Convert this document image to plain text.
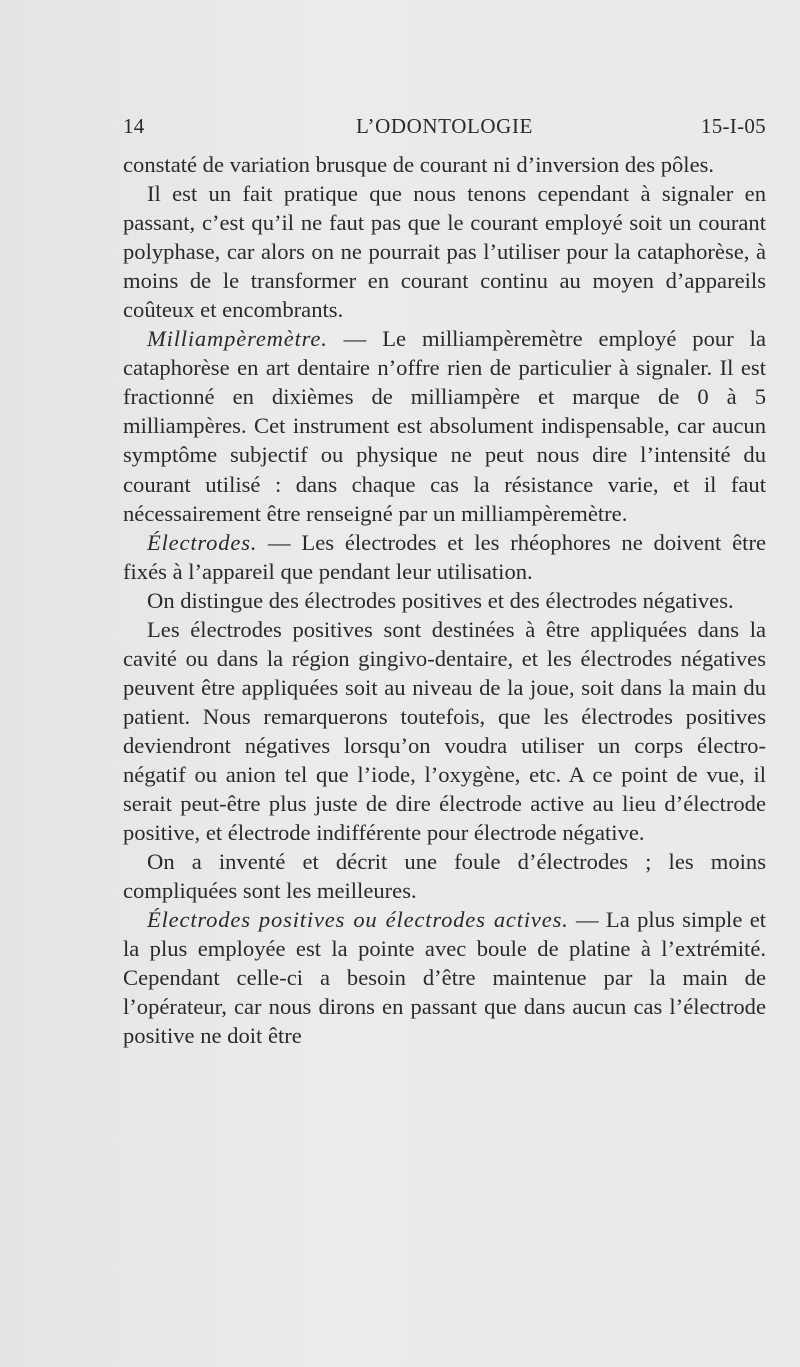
14	L’ODONTOLOGIE	15-I-05

constaté de variation brusque de courant ni d’inversion des pôles.

Il est un fait pratique que nous tenons cependant à signaler en passant, c’est qu’il ne faut pas que le courant employé soit un courant polyphase, car alors on ne pourrait pas l’utiliser pour la cataphorèse, à moins de le transformer en courant continu au moyen d’appareils coûteux et encombrants.

Milliampèremètre. — Le milliampèremètre employé pour la cataphorèse en art dentaire n’offre rien de particulier à signaler. Il est fractionné en dixièmes de milliampère et marque de 0 à 5 milliampères. Cet instrument est absolument indispensable, car aucun symptôme subjectif ou physique ne peut nous dire l’intensité du courant utilisé : dans chaque cas la résistance varie, et il faut nécessairement être renseigné par un milliampèremètre.

Électrodes. — Les électrodes et les rhéophores ne doivent être fixés à l’appareil que pendant leur utilisation.

On distingue des électrodes positives et des électrodes négatives.

Les électrodes positives sont destinées à être appliquées dans la cavité ou dans la région gingivo-dentaire, et les électrodes négatives peuvent être appliquées soit au niveau de la joue, soit dans la main du patient. Nous remarquerons toutefois, que les électrodes positives deviendront négatives lorsqu’on voudra utiliser un corps électro-négatif ou anion tel que l’iode, l’oxygène, etc. A ce point de vue, il serait peut-être plus juste de dire électrode active au lieu d’électrode positive, et électrode indifférente pour électrode négative.

On a inventé et décrit une foule d’électrodes ; les moins compliquées sont les meilleures.

Électrodes positives ou électrodes actives. — La plus simple et la plus employée est la pointe avec boule de platine à l’extrémité. Cependant celle-ci a besoin d’être maintenue par la main de l’opérateur, car nous dirons en passant que dans aucun cas l’électrode positive ne doit être
